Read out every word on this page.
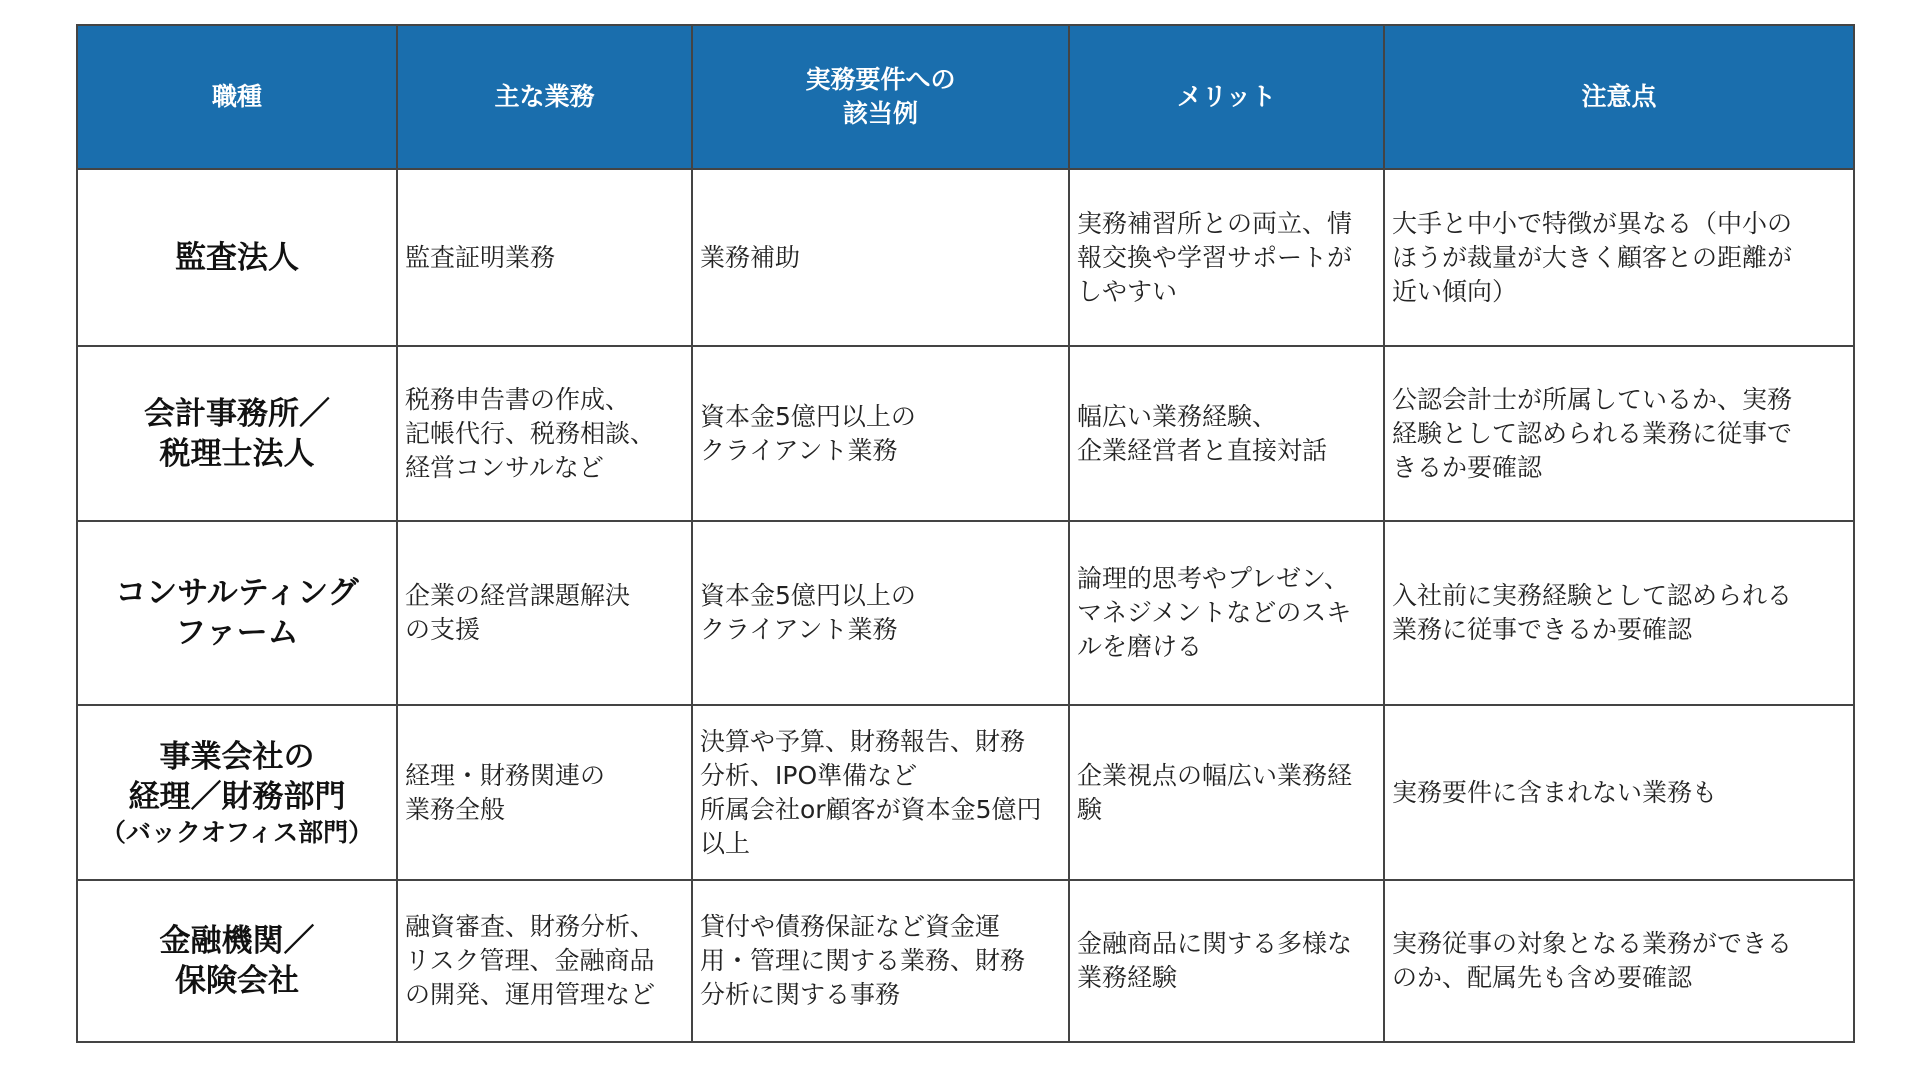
職種	主な業務	実務要件への
該当例	メリット	注意点

監査法人	監査証明業務	業務補助	実務補習所との両立、情
報交換や学習サポートが
しやすい	大手と中小で特徴が異なる（中小の
ほうが裁量が大きく顧客との距離が
近い傾向）

会計事務所／
税理士法人	税務申告書の作成、
記帳代行、税務相談、
経営コンサルなど	資本金5億円以上の
クライアント業務	幅広い業務経験、
企業経営者と直接対話	公認会計士が所属しているか、実務
経験として認められる業務に従事で
きるか要確認

コンサルティング
ファーム	企業の経営課題解決
の支援	資本金5億円以上の
クライアント業務	論理的思考やプレゼン、
マネジメントなどのスキ
ルを磨ける	入社前に実務経験として認められる
業務に従事できるか要確認

事業会社の
経理／財務部門
（バックオフィス部門）	経理・財務関連の
業務全般	決算や予算、財務報告、財務
分析、IPO準備など
所属会社or顧客が資本金5億円
以上	企業視点の幅広い業務経
験	実務要件に含まれない業務も

金融機関／
保険会社	融資審査、財務分析、
リスク管理、金融商品
の開発、運用管理など	貸付や債務保証など資金運
用・管理に関する業務、財務
分析に関する事務	金融商品に関する多様な
業務経験	実務従事の対象となる業務ができる
のか、配属先も含め要確認
